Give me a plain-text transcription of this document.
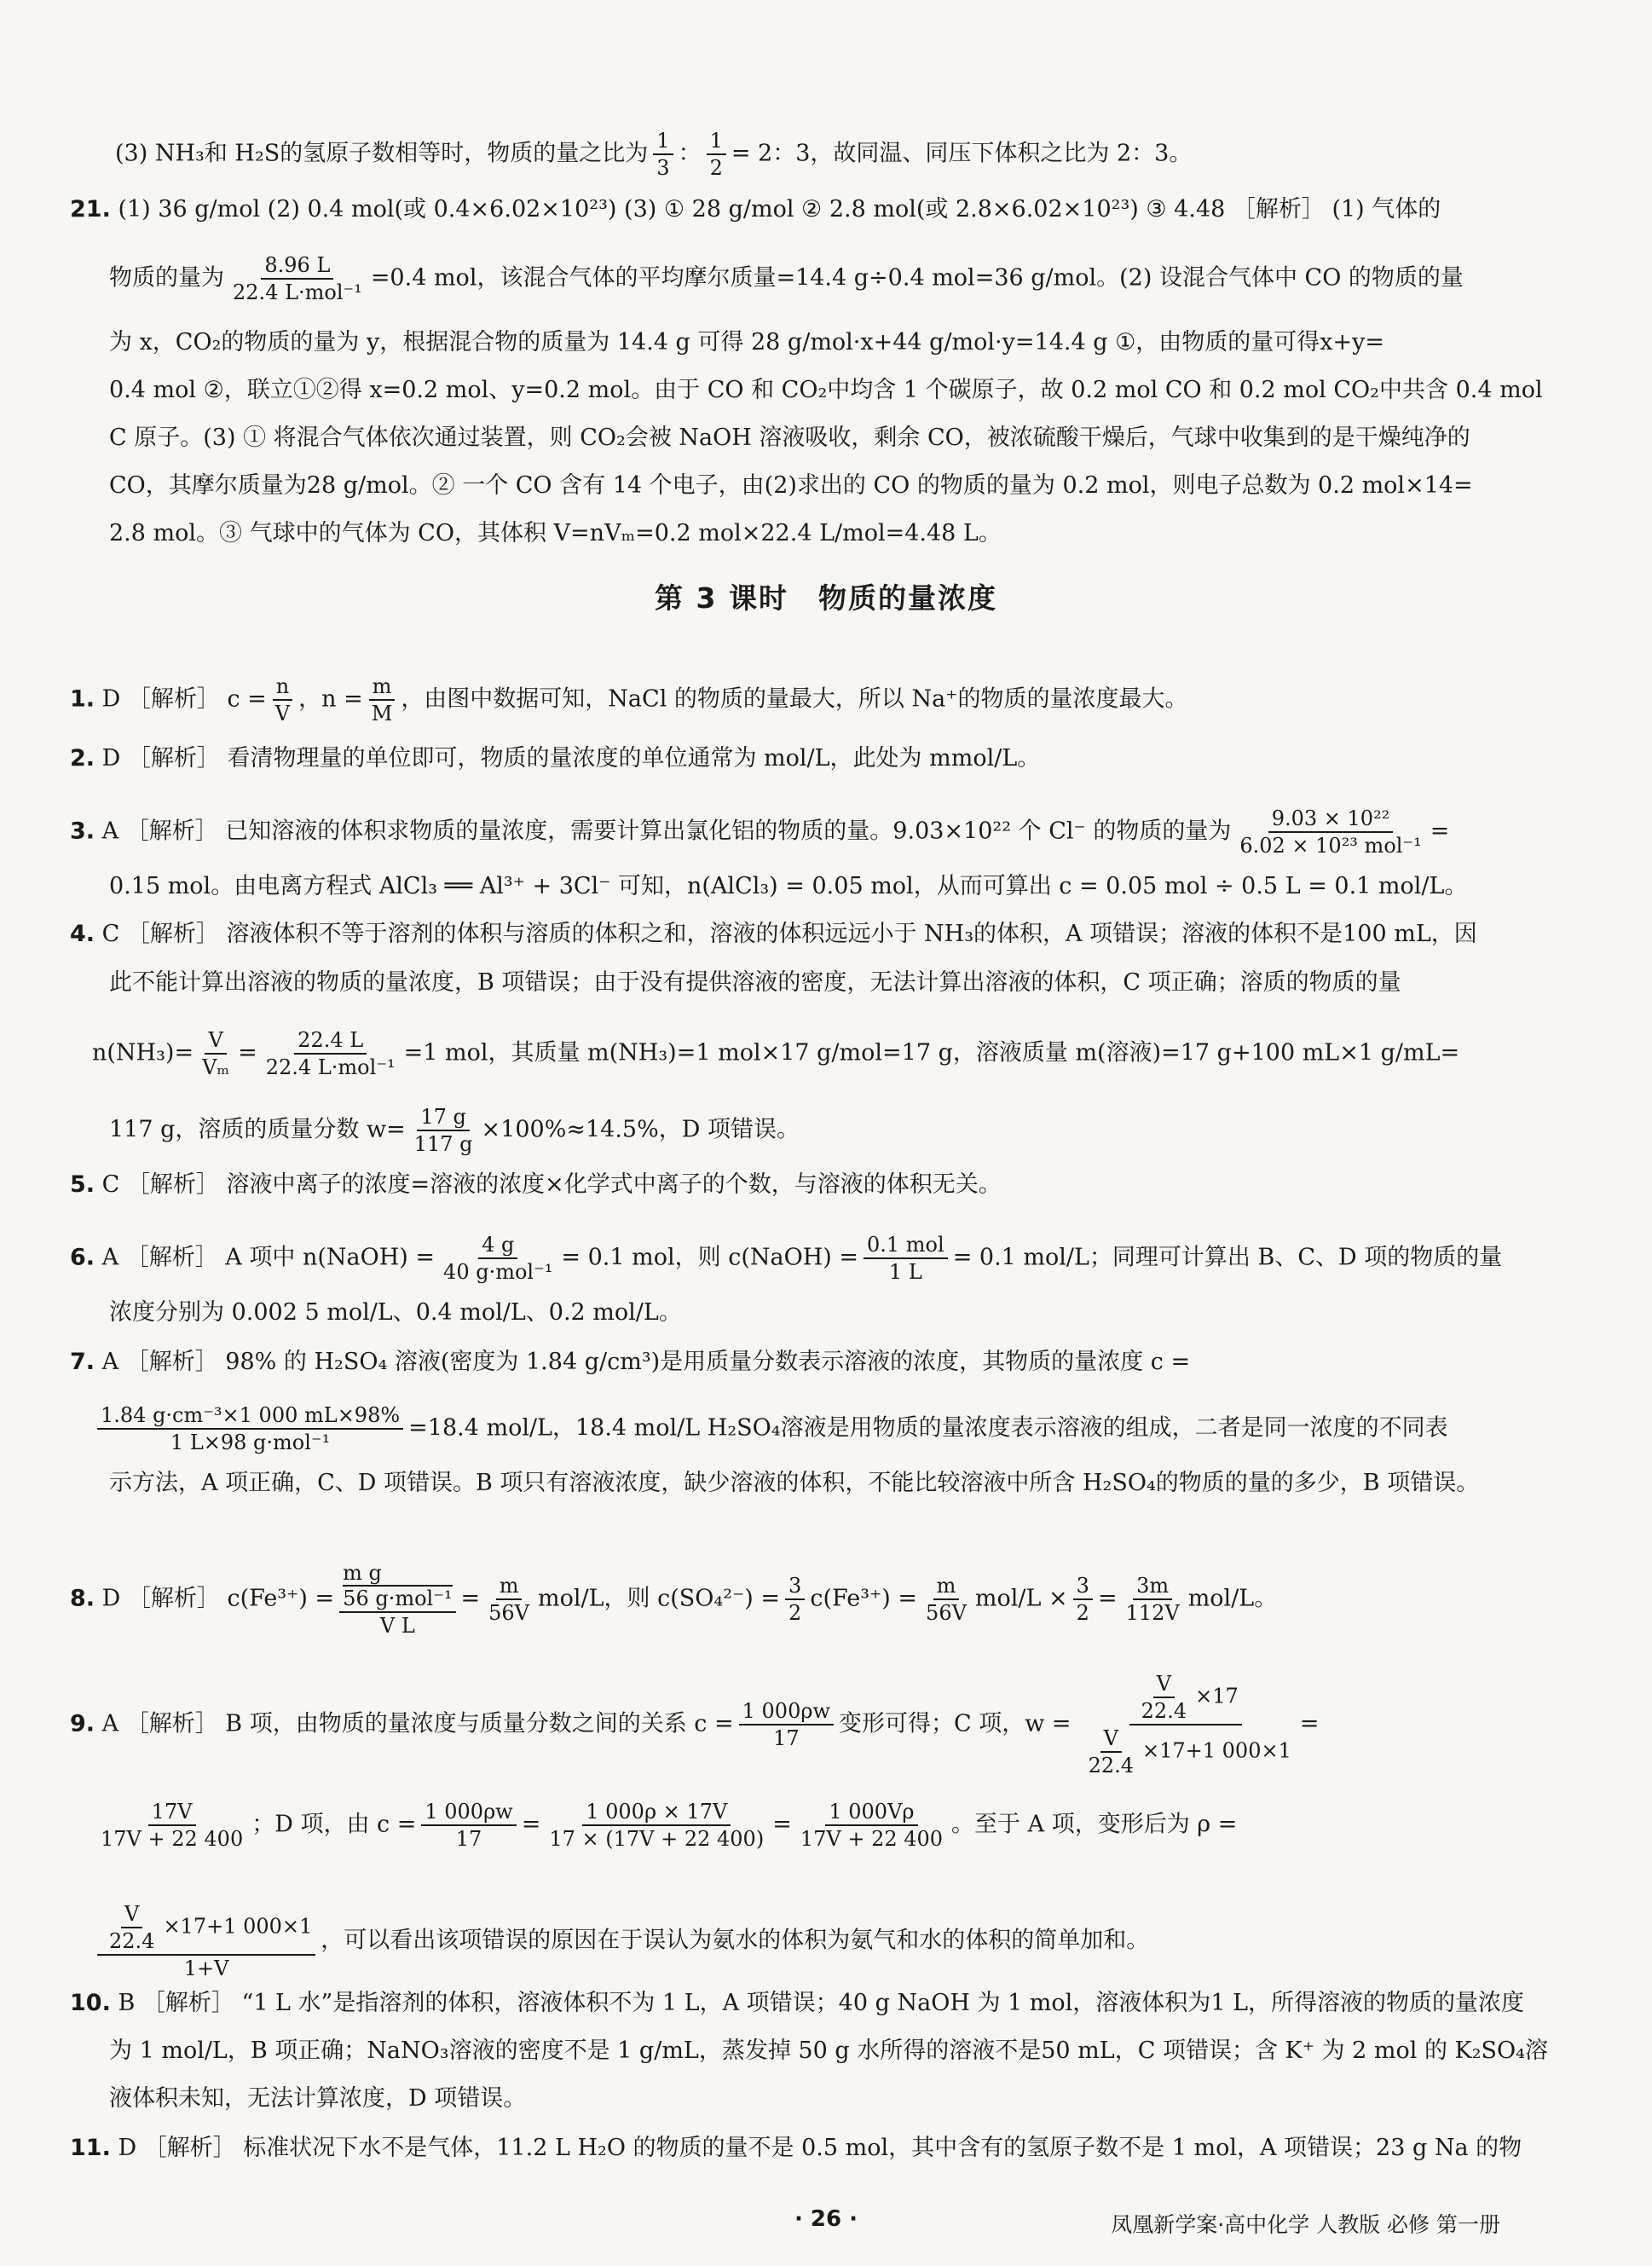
(3) NH₃和 H₂S的氢原子数相等时，物质的量之比为 $\frac{1}{3}$ ： $\frac{1}{2} = 2$：3，故同温、同压下体积之比为 2：3。
21. (1) 36 g/mol (2) 0.4 mol(或 0.4×6.02×10²³) (3) ① 28 g/mol ② 2.8 mol(或 2.8×6.02×10²³) ③ 4.48 ［解析］ (1) 气体的
物质的量为 $\frac{8.96 L}{\text{22.4 L·mol⁻¹}} =0.4$ mol，该混合气体的平均摩尔质量=14.4 g÷0.4 mol=36 g/mol。(2) 设混合气体中 CO 的物质的量
为 x，CO₂的物质的量为 y，根据混合物的质量为 14.4 g 可得 28 g/mol·x+44 g/mol·y=14.4 g ①，由物质的量可得x+y=
0.4 mol ②，联立①②得 x=0.2 mol、y=0.2 mol。由于 CO 和 CO₂中均含 1 个碳原子，故 0.2 mol CO 和 0.2 mol CO₂中共含 0.4 mol
C 原子。(3) ① 将混合气体依次通过装置，则 CO₂会被 NaOH 溶液吸收，剩余 CO，被浓硫酸干燥后，气球中收集到的是干燥纯净的
CO，其摩尔质量为28 g/mol。② 一个 CO 含有 14 个电子，由(2)求出的 CO 的物质的量为 0.2 mol，则电子总数为 0.2 mol×14=
2.8 mol。③ 气球中的气体为 CO，其体积 V=nVₘ=0.2 mol×22.4 L/mol=4.48 L。
第 3 课时　物质的量浓度
1. D ［解析］ $c = \frac{n}{V}$ ，$n = \frac{m}{M}$ ，由图中数据可知，NaCl 的物质的量最大，所以 Na⁺的物质的量浓度最大。
2. D ［解析］ 看清物理量的单位即可，物质的量浓度的单位通常为 mol/L，此处为 mmol/L。
3. A ［解析］ 已知溶液的体积求物质的量浓度，需要计算出氯化铝的物质的量。9.03×10²² 个 Cl⁻ 的物质的量为 $\frac{\text{9.03 × 10²²}}{\text{6.02 × 10²³ mol⁻¹}}$ =
0.15 mol。由电离方程式 AlCl₃ ══ Al³⁺ + 3Cl⁻ 可知，n(AlCl₃) = 0.05 mol，从而可算出 c = 0.05 mol ÷ 0.5 L = 0.1 mol/L。
4. C ［解析］ 溶液体积不等于溶剂的体积与溶质的体积之和，溶液的体积远远小于 NH₃的体积，A 项错误；溶液的体积不是100 mL，因
此不能计算出溶液的物质的量浓度，B 项错误；由于没有提供溶液的密度，无法计算出溶液的体积，C 项正确；溶质的物质的量
$n(NH_3)= \frac{V}{\text{Vₘ}} = \frac{22.4 L}{\text{22.4 L·mol⁻¹}} =1$ mol，其质量 m(NH₃)=1 mol×17 g/mol=17 g，溶液质量 m(溶液)=17 g+100 mL×1 g/mL=
117 g，溶质的质量分数 $w= \frac{17 g}{117 g} \times 100\%\approx 14.5\%$，D 项错误。
5. C ［解析］ 溶液中离子的浓度=溶液的浓度×化学式中离子的个数，与溶液的体积无关。
6. A ［解析］ A 项中 n(NaOH) = $\frac{4 g}{\text{40 g·mol⁻¹}} = 0.1$ mol，则 c(NaOH) = $\frac{\text{0.1 mol}}{1 L} = 0.1$ mol/L；同理可计算出 B、C、D 项的物质的量
浓度分别为 0.002 5 mol/L、0.4 mol/L、0.2 mol/L。
7. A ［解析］ 98% 的 H₂SO₄ 溶液(密度为 1.84 g/cm³)是用质量分数表示溶液的浓度，其物质的量浓度 c =
$\frac{\text{1.84 g·cm⁻³×1 000 mL×98\%}}{\text{1 L×98 g·mol⁻¹}} =18.4$ mol/L，18.4 mol/L H₂SO₄溶液是用物质的量浓度表示溶液的组成，二者是同一浓度的不同表
示方法，A 项正确，C、D 项错误。B 项只有溶液浓度，缺少溶液的体积，不能比较溶液中所含 H₂SO₄的物质的量的多少，B 项错误。
8. D ［解析］ c(Fe³⁺) =
m g
56 g·mol⁻¹
V L
= $\frac{m}{56V} mol/L$，则 $c(SO_4^{2-}) = \frac{3}{2} c(Fe^{3+}) = \frac{m}{56V} mol/L \times \frac{3}{2} = \frac{3m}{112V} mol/L$。
9. A ［解析］ B 项，由物质的量浓度与质量分数之间的关系 $c = \frac{1 000\rho w}{17}$ 变形可得；C 项，$w = \frac{\frac{V}{22.4} \times 17}{\frac{V}{22.4} \times 17+1 000\times 1}$ =
$\frac{17V}{17V + 22 400}$ ；D 项，由 $c = \frac{1 000\rho w}{17} = \frac{1 000\rho \times 17V}{17 \times (17V + 22 400)} = \frac{1 000V\rho}{17V + 22 400}$ 。至于 A 项，变形后为 ρ =
$\frac{\frac{V}{22.4} \times 17+1 000\times 1}{1+V}$ ，可以看出该项错误的原因在于误认为氨水的体积为氨气和水的体积的简单加和。
10. B ［解析］ “1 L 水”是指溶剂的体积，溶液体积不为 1 L，A 项错误；40 g NaOH 为 1 mol，溶液体积为1 L，所得溶液的物质的量浓度
为 1 mol/L，B 项正确；NaNO₃溶液的密度不是 1 g/mL，蒸发掉 50 g 水所得的溶液不是50 mL，C 项错误；含 K⁺ 为 2 mol 的 K₂SO₄溶
液体积未知，无法计算浓度，D 项错误。
11. D ［解析］ 标准状况下水不是气体，11.2 L H₂O 的物质的量不是 0.5 mol，其中含有的氢原子数不是 1 mol，A 项错误；23 g Na 的物
· 26 ·	凤凰新学案·高中化学 人教版 必修 第一册
